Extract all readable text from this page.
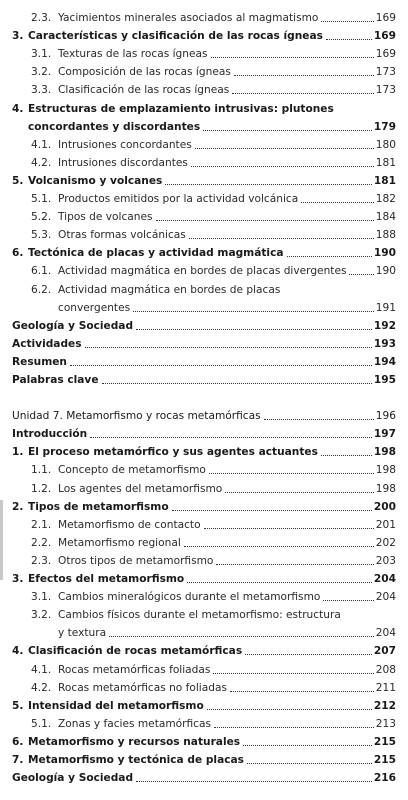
2.3. Yacimientos minerales asociados al magmatismo	169
3. Características y clasificación de las rocas ígneas	169
3.1. Texturas de las rocas ígneas	169
3.2. Composición de las rocas ígneas	173
3.3. Clasificación de las rocas ígneas	173
4. Estructuras de emplazamiento intrusivas: plutones
concordantes y discordantes	179
4.1. Intrusiones concordantes	180
4.2. Intrusiones discordantes	181
5. Volcanismo y volcanes	181
5.1. Productos emitidos por la actividad volcánica	182
5.2. Tipos de volcanes	184
5.3. Otras formas volcánicas	188
6. Tectónica de placas y actividad magmática	190
6.1. Actividad magmática en bordes de placas divergentes	190
6.2. Actividad magmática en bordes de placas
convergentes	191
Geología y Sociedad	192
Actividades	193
Resumen	194
Palabras clave	195
Unidad 7. Metamorfismo y rocas metamórficas	196
Introducción	197
1. El proceso metamórfico y sus agentes actuantes	198
1.1. Concepto de metamorfismo	198
1.2. Los agentes del metamorfismo	198
2. Tipos de metamorfismo	200
2.1. Metamorfismo de contacto	201
2.2. Metamorfismo regional	202
2.3. Otros tipos de metamorfismo	203
3. Efectos del metamorfismo	204
3.1. Cambios mineralógicos durante el metamorfismo	204
3.2. Cambios físicos durante el metamorfismo: estructura
y textura	204
4. Clasificación de rocas metamórficas	207
4.1. Rocas metamórficas foliadas	208
4.2. Rocas metamórficas no foliadas	211
5. Intensidad del metamorfismo	212
5.1. Zonas y facies metamórficas	213
6. Metamorfismo y recursos naturales	215
7. Metamorfismo y tectónica de placas	215
Geología y Sociedad	216
